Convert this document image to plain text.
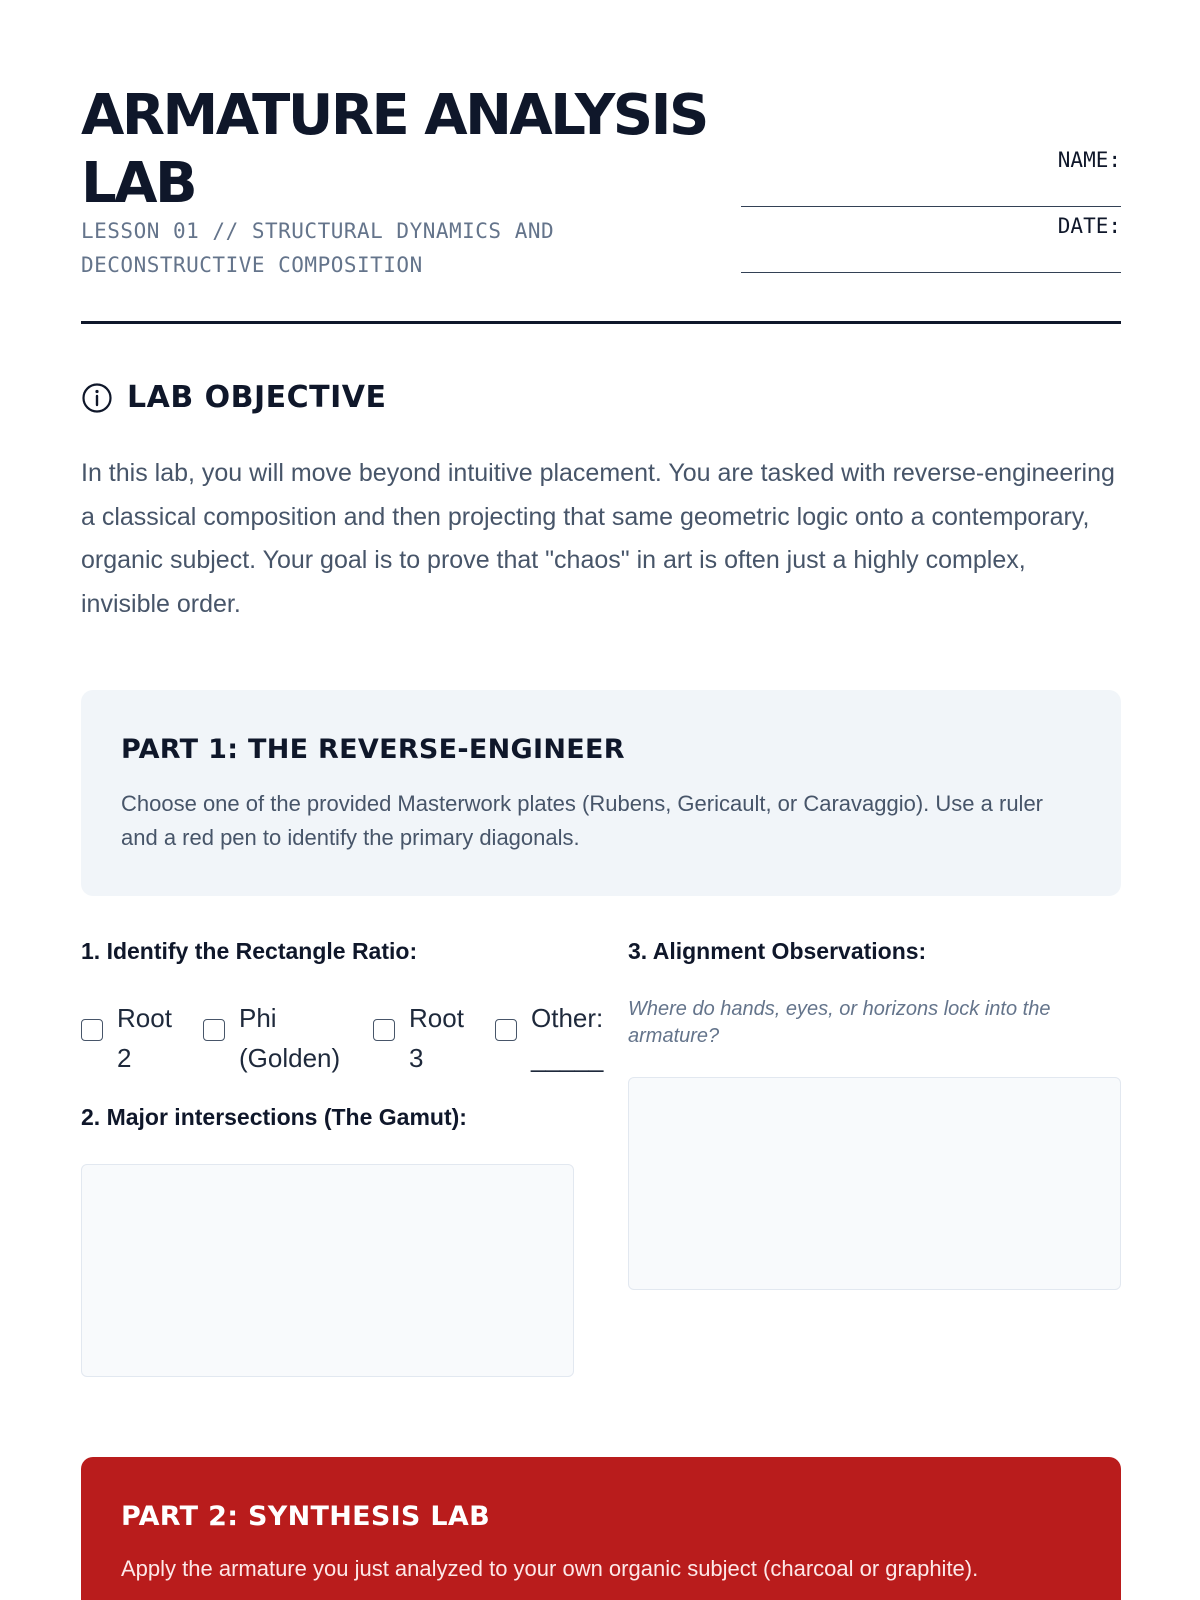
ARMATURE ANALYSIS LAB
LESSON 01 // STRUCTURAL DYNAMICS AND DECONSTRUCTIVE COMPOSITION
NAME:
DATE:
LAB OBJECTIVE

In this lab, you will move beyond intuitive placement. You are tasked with reverse-engineering a classical composition and then projecting that same geometric logic onto a contemporary, organic subject. Your goal is to prove that "chaos" in art is often just a highly complex, invisible order.

PART 1: THE REVERSE-ENGINEER
Choose one of the provided Masterwork plates (Rubens, Gericault, or Caravaggio). Use a ruler and a red pen to identify the primary diagonals.
1. Identify the Rectangle Ratio:
Root 2
Phi (Golden)
Root 3
Other: _____
2. Major intersections (The Gamut):
3. Alignment Observations:
Where do hands, eyes, or horizons lock into the armature?
PART 2: SYNTHESIS LAB
Apply the armature you just analyzed to your own organic subject (charcoal or graphite).
